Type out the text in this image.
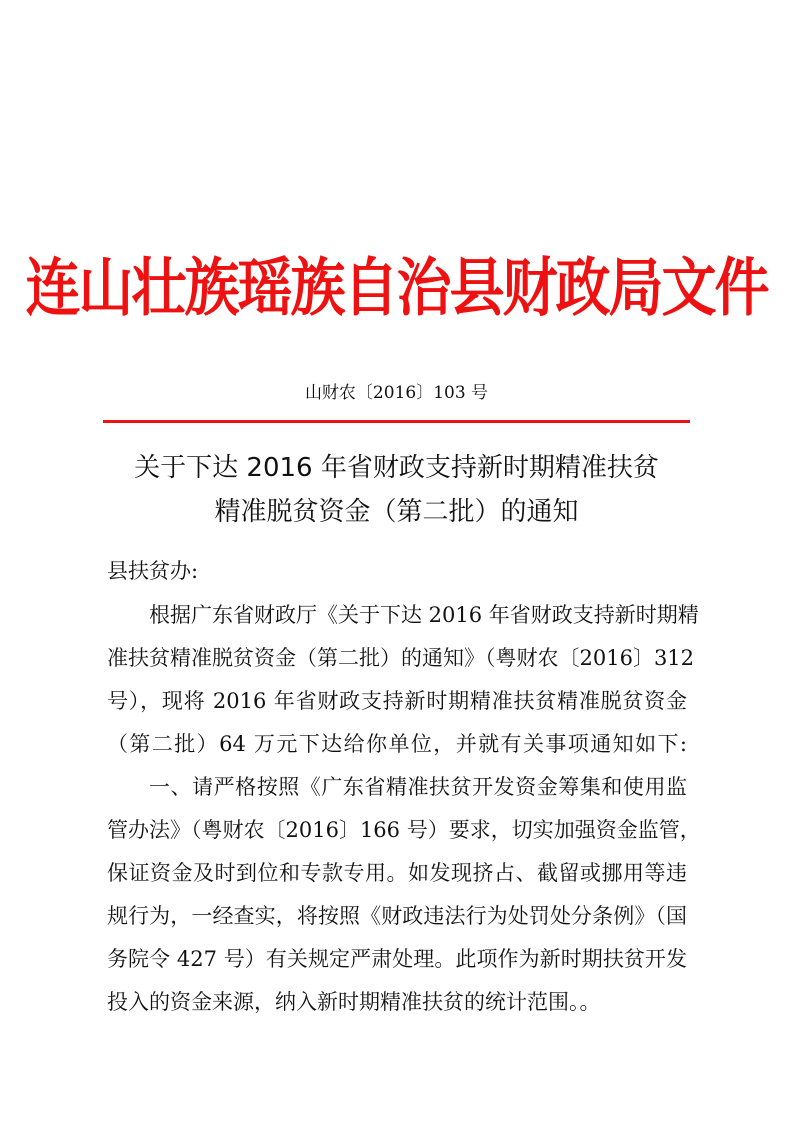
连山壮族瑶族自治县财政局文件
山财农〔2016〕103 号
关于下达 2016 年省财政支持新时期精准扶贫
精准脱贫资金（第二批）的通知
县扶贫办:
根据广东省财政厅《关于下达 2016 年省财政支持新时期精
准扶贫精准脱贫资金（第二批）的通知》（粤财农〔2016〕312
号），现将 2016 年省财政支持新时期精准扶贫精准脱贫资金
（第二批）64 万元下达给你单位，并就有关事项通知如下:
一、请严格按照《广东省精准扶贫开发资金筹集和使用监
管办法》（粤财农〔2016〕166 号）要求，切实加强资金监管，
保证资金及时到位和专款专用。如发现挤占、截留或挪用等违
规行为，一经查实，将按照《财政违法行为处罚处分条例》（国
务院令 427 号）有关规定严肃处理。此项作为新时期扶贫开发
投入的资金来源，纳入新时期精准扶贫的统计范围。。
